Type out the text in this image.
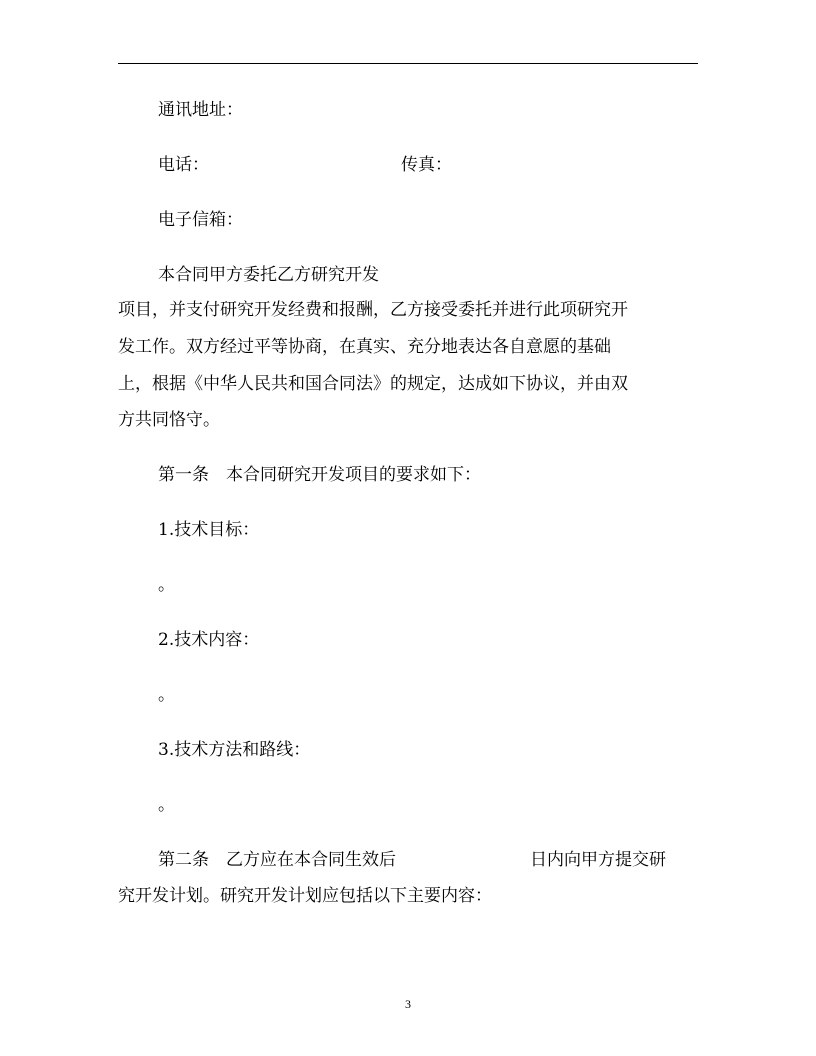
通讯地址：
电话：	传真：
电子信箱：
本合同甲方委托乙方研究开发
项目，并支付研究开发经费和报酬，乙方接受委托并进行此项研究开
发工作。双方经过平等协商，在真实、充分地表达各自意愿的基础
上，根据《中华人民共和国合同法》的规定，达成如下协议，并由双
方共同恪守。
第一条　本合同研究开发项目的要求如下：
1.技术目标：
。
2.技术内容：
。
3.技术方法和路线：
。
第二条　乙方应在本合同生效后	日内向甲方提交研
究开发计划。研究开发计划应包括以下主要内容：
3
